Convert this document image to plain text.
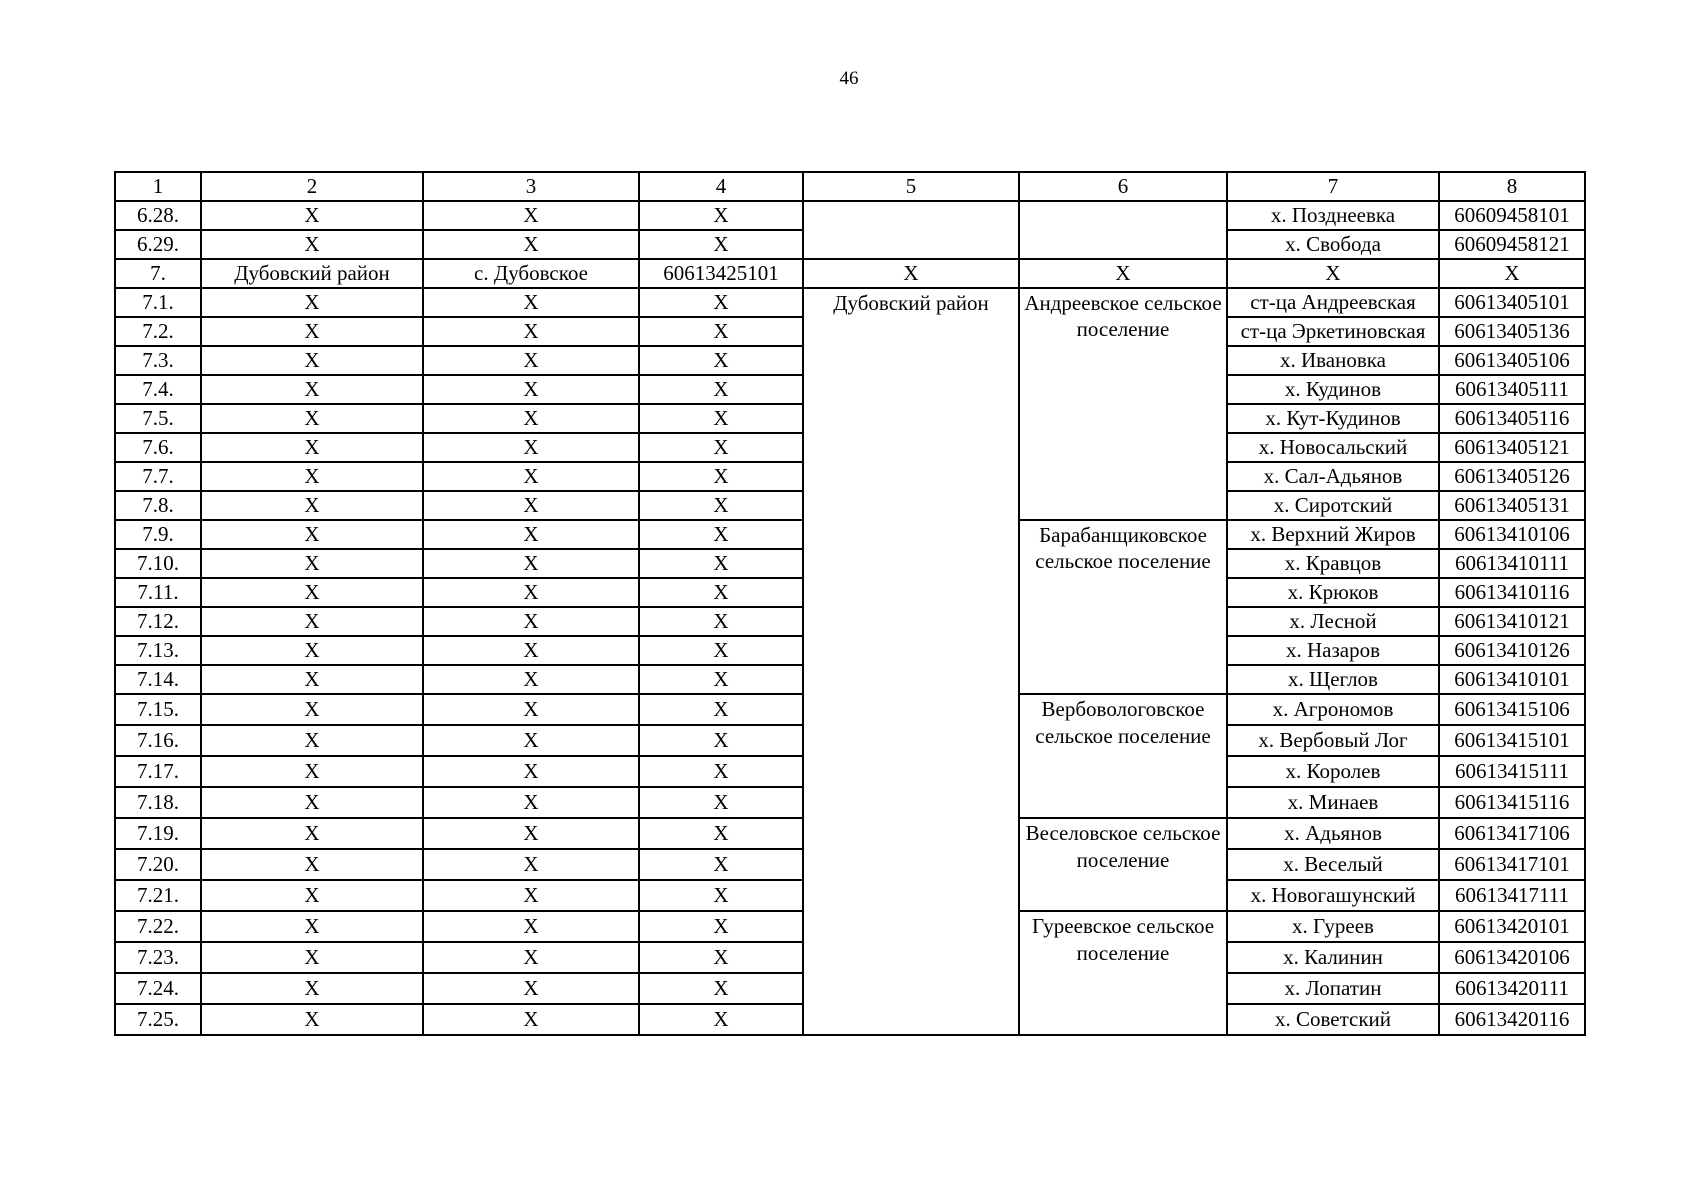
46
1	2	3	4	5	6	7	8
6.28.	X	X	X			х. Позднеевка	60609458101
6.29.	X	X	X			х. Свобода	60609458121
7.	Дубовский район	с. Дубовское	60613425101	X	X	X	X
7.1.	X	X	X	Дубовский район	Андреевское сельское поселение	ст-ца Андреевская	60613405101
7.2.	X	X	X			ст-ца Эркетиновская	60613405136
7.3.	X	X	X			х. Ивановка	60613405106
7.4.	X	X	X			х. Кудинов	60613405111
7.5.	X	X	X			х. Кут-Кудинов	60613405116
7.6.	X	X	X			х. Новосальский	60613405121
7.7.	X	X	X			х. Сал-Адьянов	60613405126
7.8.	X	X	X			х. Сиротский	60613405131
7.9.	X	X	X		Барабанщиковское сельское поселение	х. Верхний Жиров	60613410106
7.10.	X	X	X			х. Кравцов	60613410111
7.11.	X	X	X			х. Крюков	60613410116
7.12.	X	X	X			х. Лесной	60613410121
7.13.	X	X	X			х. Назаров	60613410126
7.14.	X	X	X			х. Щеглов	60613410101
7.15.	X	X	X		Вербовологовское сельское поселение	х. Агрономов	60613415106
7.16.	X	X	X			х. Вербовый Лог	60613415101
7.17.	X	X	X			х. Королев	60613415111
7.18.	X	X	X			х. Минаев	60613415116
7.19.	X	X	X		Веселовское сельское поселение	х. Адьянов	60613417106
7.20.	X	X	X			х. Веселый	60613417101
7.21.	X	X	X			х. Новогашунский	60613417111
7.22.	X	X	X		Гуреевское сельское поселение	х. Гуреев	60613420101
7.23.	X	X	X			х. Калинин	60613420106
7.24.	X	X	X			х. Лопатин	60613420111
7.25.	X	X	X			х. Советский	60613420116
